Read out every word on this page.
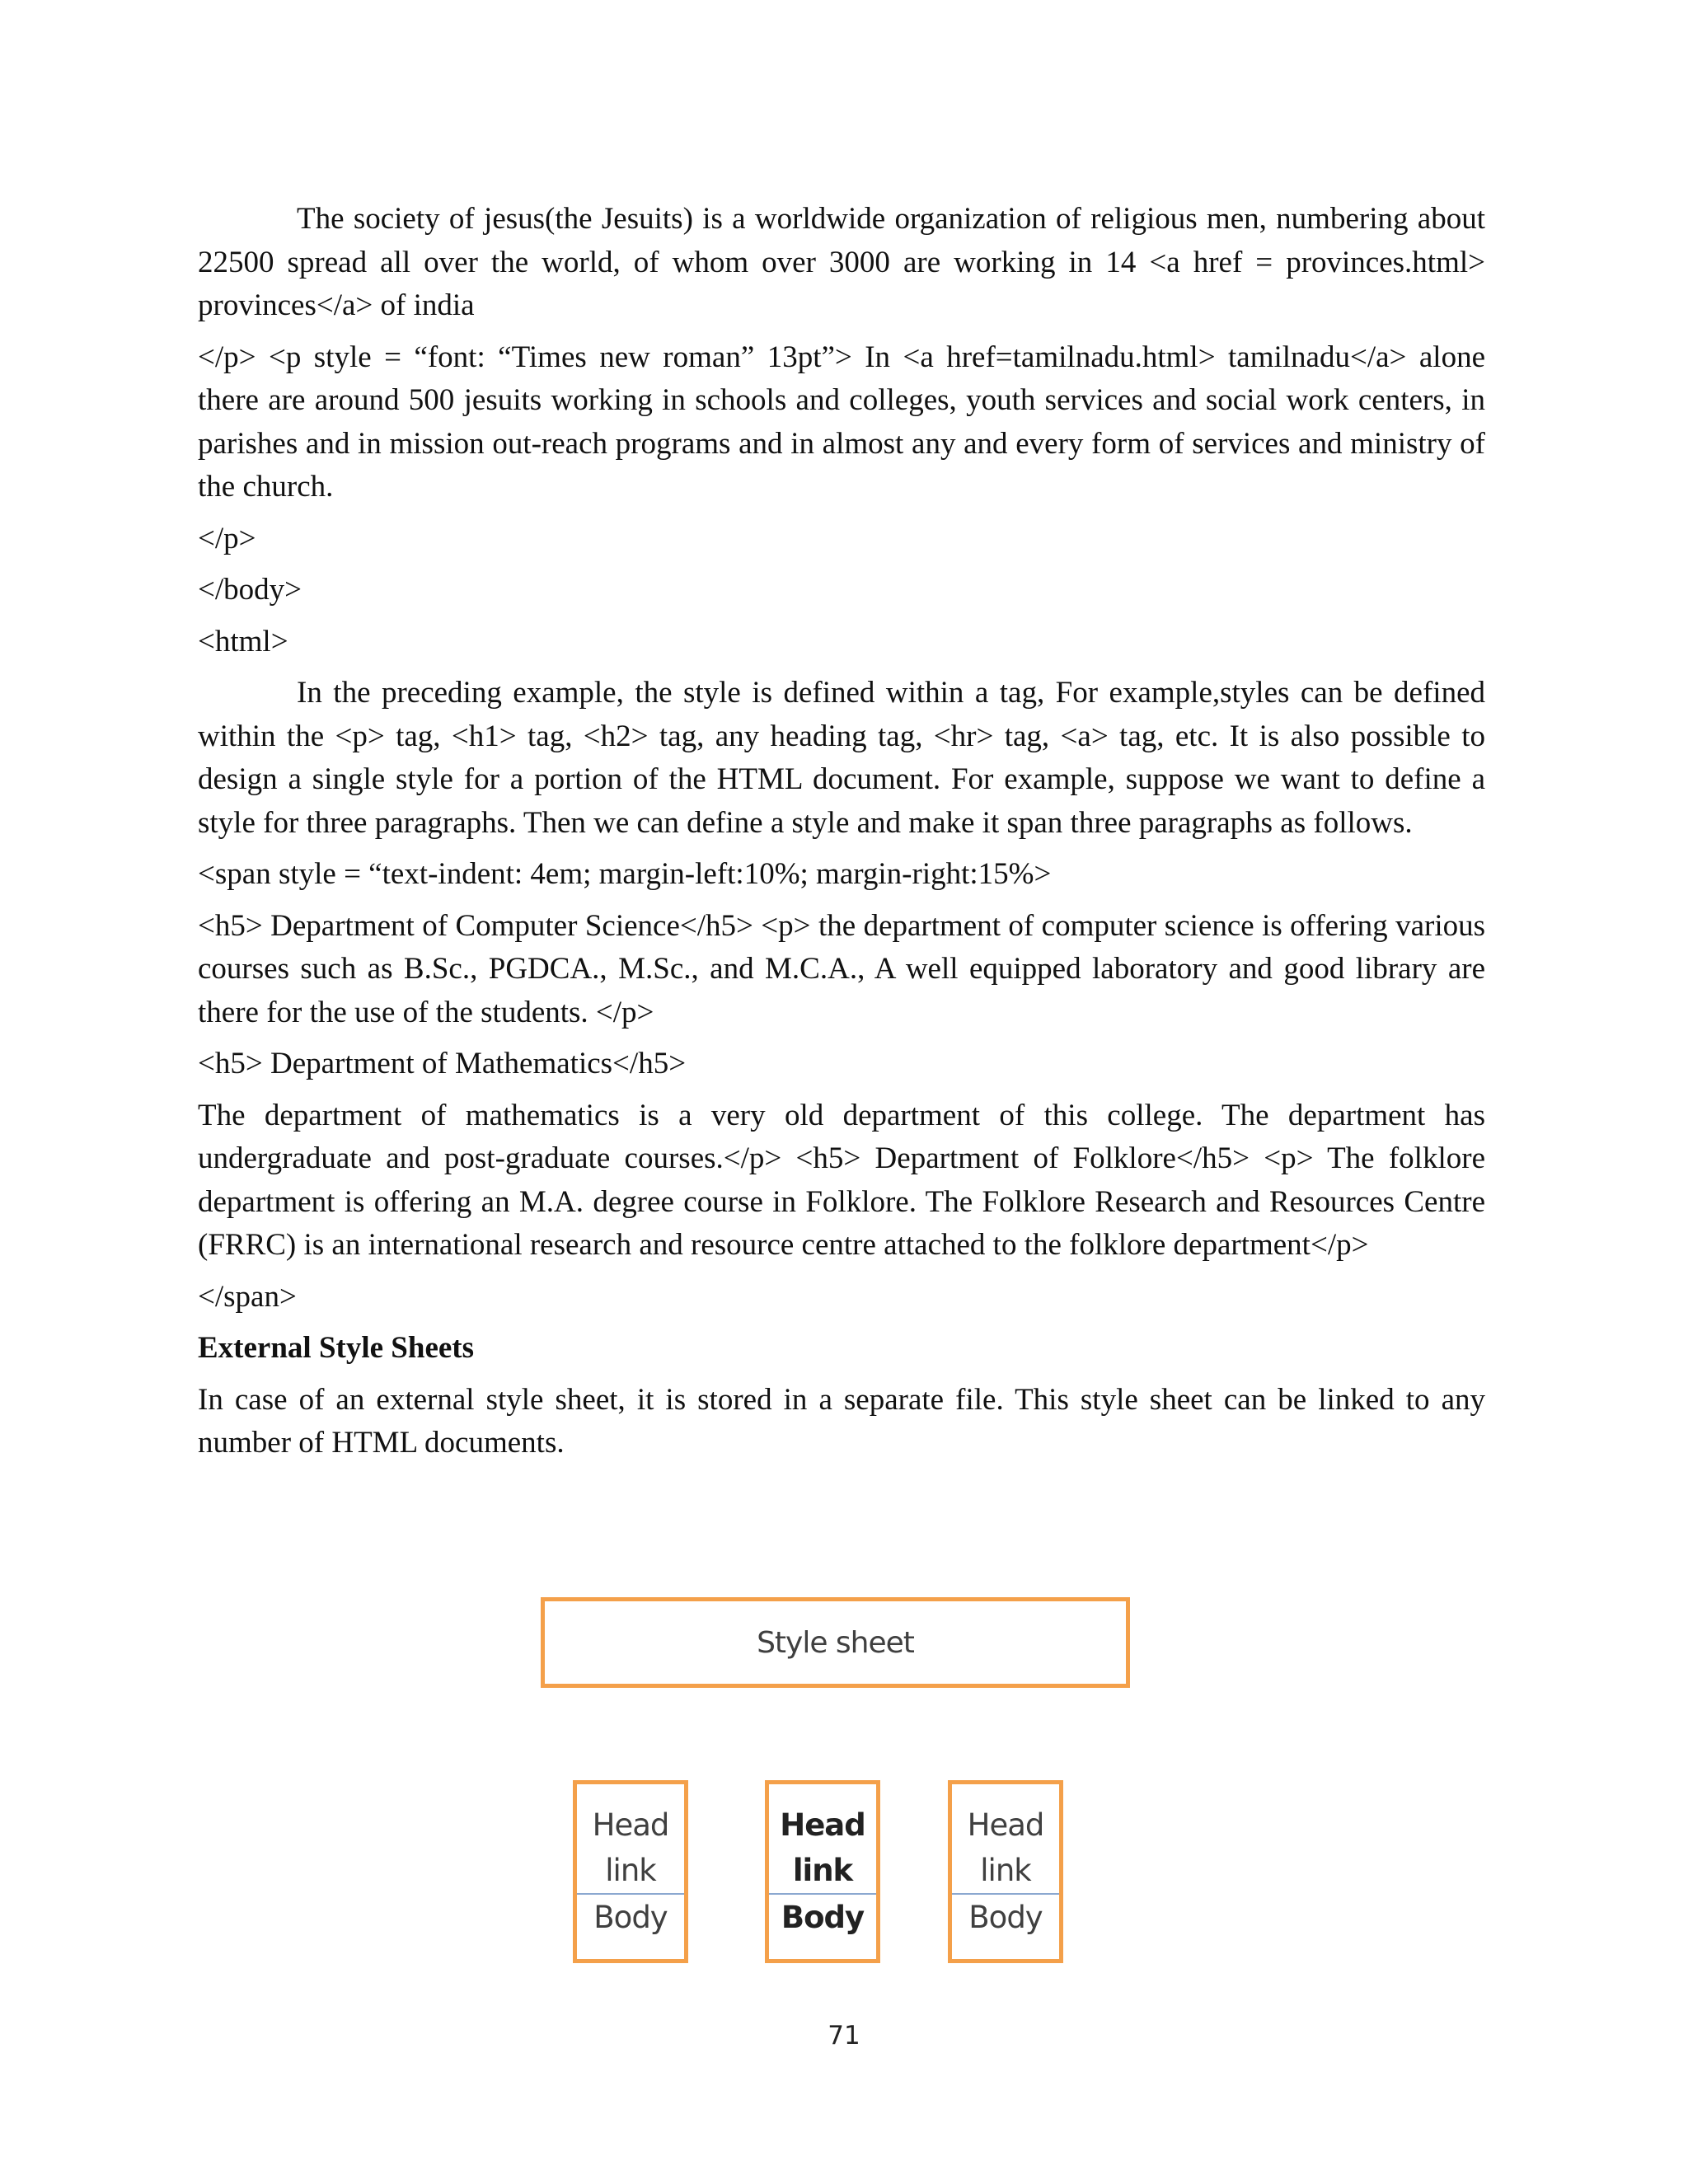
The society of jesus(the Jesuits) is a worldwide organization of religious men, numbering about 22500 spread all over the world, of whom over 3000 are working in 14 <a href = provinces.html> provinces</a> of india

</p> <p style = “font: “Times new roman” 13pt”> In <a href=tamilnadu.html> tamilnadu</a> alone there are around 500 jesuits working in schools and colleges, youth services and social work centers, in parishes and in mission out-reach programs and in almost any and every form of services and ministry of the church.

</p>
</body>
<html>

In the preceding example, the style is defined within a tag, For example,styles can be defined within the <p> tag, <h1> tag, <h2> tag, any heading tag, <hr> tag, <a> tag, etc. It is also possible to design a single style for a portion of the HTML document. For example, suppose we want to define a style for three paragraphs. Then we can define a style and make it span three paragraphs as follows.

<span style = “text-indent: 4em; margin-left:10%; margin-right:15%>

<h5> Department of Computer Science</h5> <p> the department of computer science is offering various courses such as B.Sc., PGDCA., M.Sc., and M.C.A., A well equipped laboratory and good library are there for the use of the students. </p>

<h5> Department of Mathematics</h5>

The department of mathematics is a very old department of this college. The department has undergraduate and post-graduate courses.</p> <h5> Department of Folklore</h5> <p> The folklore department is offering an M.A. degree course in Folklore. The Folklore Research and Resources Centre (FRRC) is an international research and resource centre attached to the folklore department</p>

</span>
External Style Sheets

In case of an external style sheet, it is stored in a separate file. This style sheet can be linked to any number of HTML documents.

Style sheet
Head
link
Body
Head
link
Body
Head
link
Body
71
